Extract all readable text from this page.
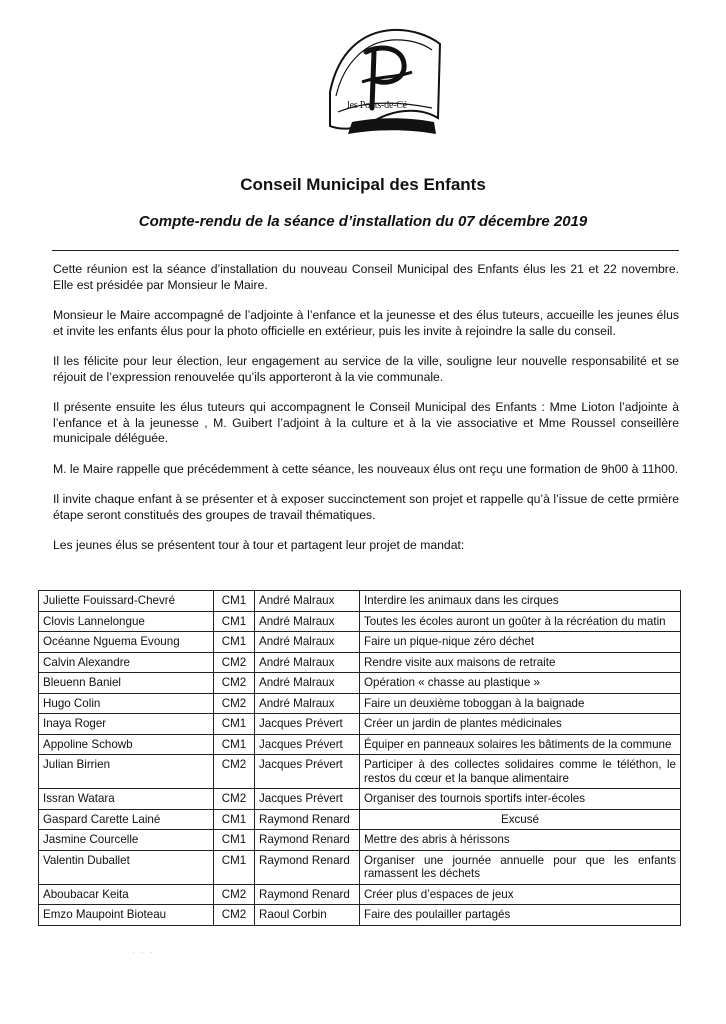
les Ponts-de-Cé
Conseil Municipal des Enfants
Compte-rendu de la séance d’installation du 07 décembre 2019

Cette réunion est la séance d’installation du nouveau Conseil Municipal des Enfants élus les 21 et 22 novembre. Elle est présidée par Monsieur le Maire.

Monsieur le Maire accompagné de l’adjointe à l’enfance et la jeunesse et des élus tuteurs, accueille les jeunes élus et invite les enfants élus pour la photo officielle en extérieur, puis les invite à rejoindre la salle du conseil.

Il les félicite pour leur élection, leur engagement au service de la ville, souligne leur nouvelle responsabilité et se réjouit de l’expression renouvelée qu’ils apporteront à la vie communale.

Il présente ensuite les élus tuteurs qui accompagnent le Conseil Municipal des Enfants : Mme Lioton l’adjointe à l’enfance et à la jeunesse , M. Guibert l’adjoint à la culture et à la vie associative et Mme Roussel conseillère municipale déléguée.

M. le Maire rappelle que précédemment à cette séance, les nouveaux élus ont reçu une formation de 9h00 à 11h00.

Il invite chaque enfant à se présenter et à exposer succinctement son projet et rappelle qu’à l’issue de cette prmière étape seront constitués des groupes de travail thématiques.

Les jeunes élus se présentent tour à tour et partagent leur projet de mandat:

Juliette Fouissard-Chevré	CM1	André Malraux	Interdire les animaux dans les cirques
Clovis Lannelongue	CM1	André Malraux	Toutes les écoles auront un goûter à la récréation du matin
Océanne Nguema Evoung	CM1	André Malraux	Faire un pique-nique zéro déchet
Calvin Alexandre	CM2	André Malraux	Rendre visite aux maisons de retraite
Bleuenn Baniel	CM2	André Malraux	Opération « chasse au plastique »
Hugo Colin	CM2	André Malraux	Faire un deuxième toboggan à la baignade
Inaya Roger	CM1	Jacques Prévert	Créer un jardin de plantes médicinales
Appoline Schowb	CM1	Jacques Prévert	Équiper en panneaux solaires les bâtiments de la commune
Julian Birrien	CM2	Jacques Prévert	Participer à des collectes solidaires comme le téléthon, le restos du cœur et la banque alimentaire
Issran Watara	CM2	Jacques Prévert	Organiser des tournois sportifs inter-écoles
Gaspard Carette Lainé	CM1	Raymond Renard	Excusé
Jasmine Courcelle	CM1	Raymond Renard	Mettre des abris à hérissons
Valentin Duballet	CM1	Raymond Renard	Organiser une journée annuelle pour que les enfants ramassent les déchets
Aboubacar Keita	CM2	Raymond Renard	Créer plus d’espaces de jeux
Emzo Maupoint Bioteau	CM2	Raoul Corbin	Faire des poulailler partagés
· · ·
